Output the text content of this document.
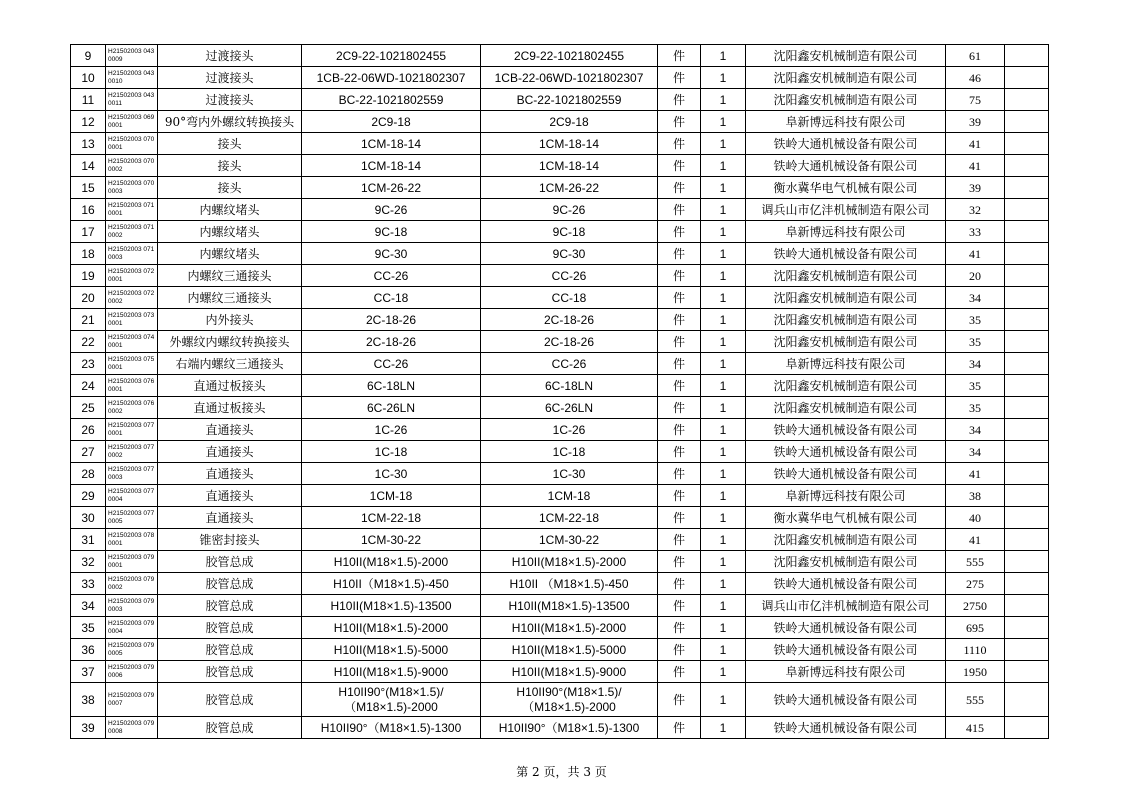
9	H21502003 0430009	过渡接头	2C9-22-1021802455	2C9-22-1021802455	件	1	沈阳鑫安机械制造有限公司	61	
10	H21502003 0430010	过渡接头	1CB-22-06WD-1021802307	1CB-22-06WD-1021802307	件	1	沈阳鑫安机械制造有限公司	46	
11	H21502003 0430011	过渡接头	BC-22-1021802559	BC-22-1021802559	件	1	沈阳鑫安机械制造有限公司	75	
12	H21502003 0690001	90°弯内外螺纹转换接头	2C9-18	2C9-18	件	1	阜新博远科技有限公司	39	
13	H21502003 0700001	接头	1CM-18-14	1CM-18-14	件	1	铁岭大通机械设备有限公司	41	
14	H21502003 0700002	接头	1CM-18-14	1CM-18-14	件	1	铁岭大通机械设备有限公司	41	
15	H21502003 0700003	接头	1CM-26-22	1CM-26-22	件	1	衡水冀华电气机械有限公司	39	
16	H21502003 0710001	内螺纹堵头	9C-26	9C-26	件	1	调兵山市亿沣机械制造有限公司	32	
17	H21502003 0710002	内螺纹堵头	9C-18	9C-18	件	1	阜新博远科技有限公司	33	
18	H21502003 0710003	内螺纹堵头	9C-30	9C-30	件	1	铁岭大通机械设备有限公司	41	
19	H21502003 0720001	内螺纹三通接头	CC-26	CC-26	件	1	沈阳鑫安机械制造有限公司	20	
20	H21502003 0720002	内螺纹三通接头	CC-18	CC-18	件	1	沈阳鑫安机械制造有限公司	34	
21	H21502003 0730001	内外接头	2C-18-26	2C-18-26	件	1	沈阳鑫安机械制造有限公司	35	
22	H21502003 0740001	外螺纹内螺纹转换接头	2C-18-26	2C-18-26	件	1	沈阳鑫安机械制造有限公司	35	
23	H21502003 0750001	右端内螺纹三通接头	CC-26	CC-26	件	1	阜新博远科技有限公司	34	
24	H21502003 0760001	直通过板接头	6C-18LN	6C-18LN	件	1	沈阳鑫安机械制造有限公司	35	
25	H21502003 0760002	直通过板接头	6C-26LN	6C-26LN	件	1	沈阳鑫安机械制造有限公司	35	
26	H21502003 0770001	直通接头	1C-26	1C-26	件	1	铁岭大通机械设备有限公司	34	
27	H21502003 0770002	直通接头	1C-18	1C-18	件	1	铁岭大通机械设备有限公司	34	
28	H21502003 0770003	直通接头	1C-30	1C-30	件	1	铁岭大通机械设备有限公司	41	
29	H21502003 0770004	直通接头	1CM-18	1CM-18	件	1	阜新博远科技有限公司	38	
30	H21502003 0770005	直通接头	1CM-22-18	1CM-22-18	件	1	衡水冀华电气机械有限公司	40	
31	H21502003 0780001	锥密封接头	1CM-30-22	1CM-30-22	件	1	沈阳鑫安机械制造有限公司	41	
32	H21502003 0790001	胶管总成	H10II(M18×1.5)-2000	H10II(M18×1.5)-2000	件	1	沈阳鑫安机械制造有限公司	555	
33	H21502003 0790002	胶管总成	H10II（M18×1.5)-450	H10II （M18×1.5)-450	件	1	铁岭大通机械设备有限公司	275	
34	H21502003 0790003	胶管总成	H10II(M18×1.5)-13500	H10II(M18×1.5)-13500	件	1	调兵山市亿沣机械制造有限公司	2750	
35	H21502003 0790004	胶管总成	H10II(M18×1.5)-2000	H10II(M18×1.5)-2000	件	1	铁岭大通机械设备有限公司	695	
36	H21502003 0790005	胶管总成	H10II(M18×1.5)-5000	H10II(M18×1.5)-5000	件	1	铁岭大通机械设备有限公司	1110	
37	H21502003 0790006	胶管总成	H10II(M18×1.5)-9000	H10II(M18×1.5)-9000	件	1	阜新博远科技有限公司	1950	
38	H21502003 0790007	胶管总成	H10II90°(M18×1.5)/
（M18×1.5)-2000	H10II90°(M18×1.5)/
（M18×1.5)-2000	件	1	铁岭大通机械设备有限公司	555	
39	H21502003 0790008	胶管总成	H10II90°（M18×1.5)-1300	H10II90°（M18×1.5)-1300	件	1	铁岭大通机械设备有限公司	415	
第 2 页，共 3 页
